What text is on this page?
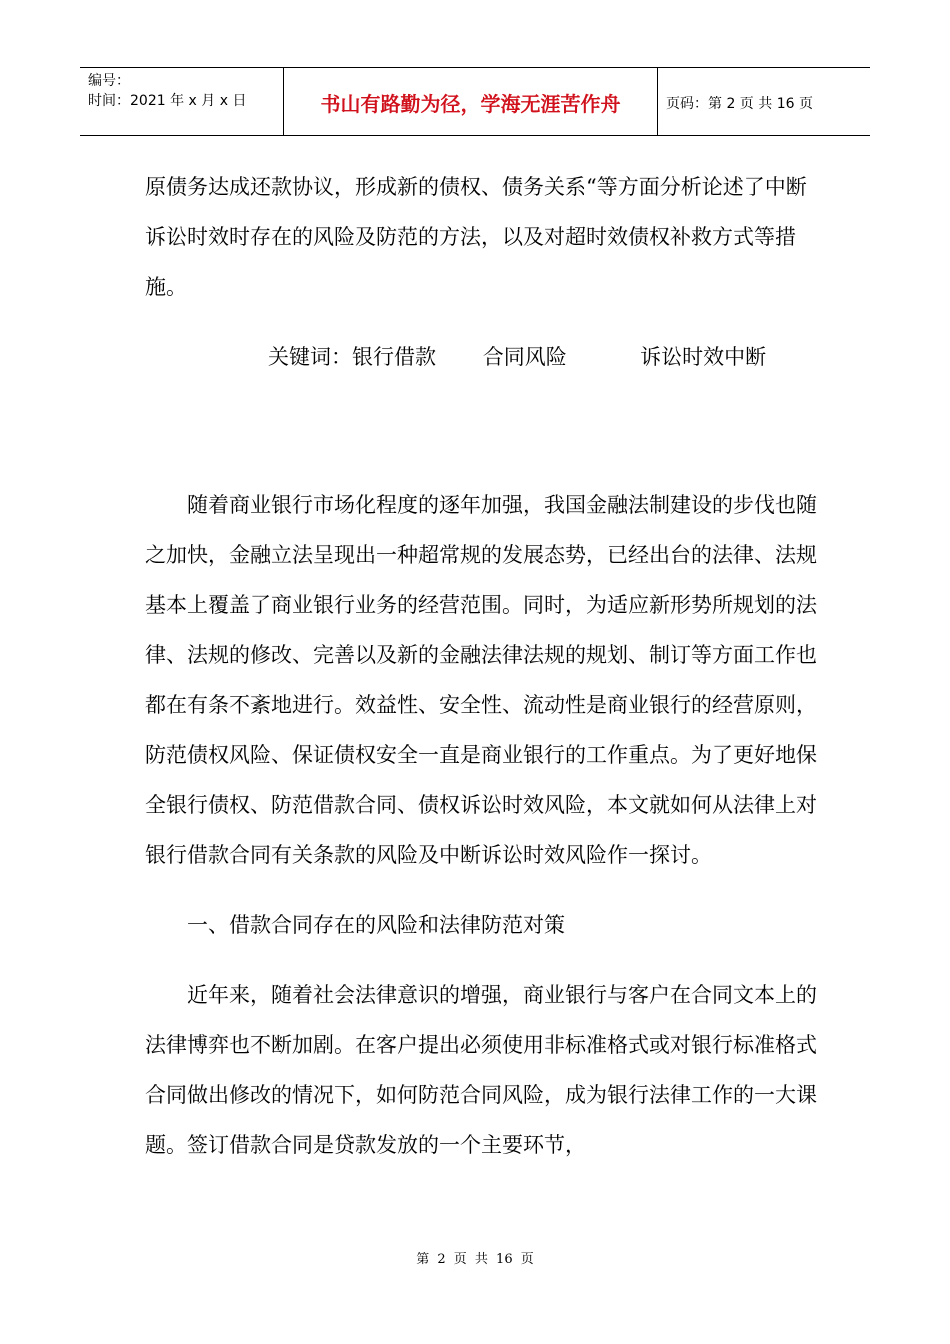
编号：
时间：2021 年 x 月 x 日	书山有路勤为径，学海无涯苦作舟	页码：第 2 页 共 16 页

原债务达成还款协议，形成新的债权、债务关系“等方面分析论述了中断诉讼时效时存在的风险及防范的方法，以及对超时效债权补救方式等措施。

关键词：银行借款       合同风险           诉讼时效中断

随着商业银行市场化程度的逐年加强，我国金融法制建设的步伐也随之加快，金融立法呈现出一种超常规的发展态势，已经出台的法律、法规基本上覆盖了商业银行业务的经营范围。同时，为适应新形势所规划的法律、法规的修改、完善以及新的金融法律法规的规划、制订等方面工作也都在有条不紊地进行。效益性、安全性、流动性是商业银行的经营原则，防范债权风险、保证债权安全一直是商业银行的工作重点。为了更好地保全银行债权、防范借款合同、债权诉讼时效风险，本文就如何从法律上对银行借款合同有关条款的风险及中断诉讼时效风险作一探讨。

一、借款合同存在的风险和法律防范对策

近年来，随着社会法律意识的增强，商业银行与客户在合同文本上的法律博弈也不断加剧。在客户提出必须使用非标准格式或对银行标准格式合同做出修改的情况下，如何防范合同风险，成为银行法律工作的一大课题。签订借款合同是贷款发放的一个主要环节，

第 2 页 共 16 页
